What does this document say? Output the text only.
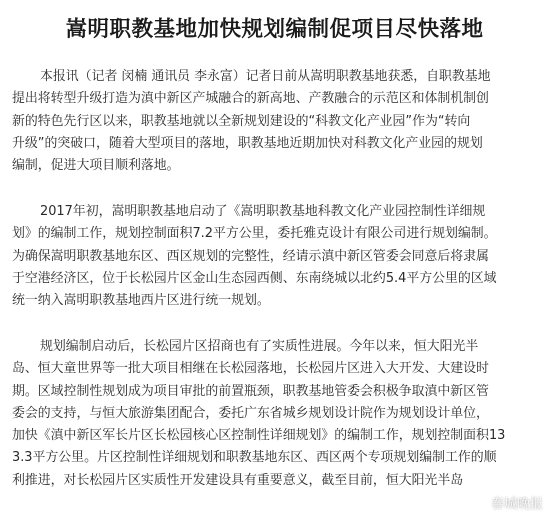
嵩明职教基地加快规划编制促项目尽快落地
本报讯（记者 闵楠 通讯员 李永富）记者日前从嵩明职教基地获悉，自职教基地
提出将转型升级打造为滇中新区产城融合的新高地、产教融合的示范区和体制机制创
新的特色先行区以来，职教基地就以全新规划建设的“科教文化产业园”作为“转向
升级”的突破口，随着大型项目的落地，职教基地近期加快对科教文化产业园的规划
编制，促进大项目顺利落地。
2017年初，嵩明职教基地启动了《嵩明职教基地科教文化产业园控制性详细规
划》的编制工作，规划控制面积7.2平方公里，委托雅克设计有限公司进行规划编制。
为确保嵩明职教基地东区、西区规划的完整性，经请示滇中新区管委会同意后将隶属
于空港经济区，位于长松园片区金山生态园西侧、东南绕城以北约5.4平方公里的区域
统一纳入嵩明职教基地西片区进行统一规划。
规划编制启动后，长松园片区招商也有了实质性进展。今年以来，恒大阳光半
岛、恒大童世界等一批大项目相继在长松园落地，长松园片区进入大开发、大建设时
期。区域控制性规划成为项目审批的前置瓶颈，职教基地管委会积极争取滇中新区管
委会的支持，与恒大旅游集团配合，委托广东省城乡规划设计院作为规划设计单位，
加快《滇中新区军长片区长松园核心区控制性详细规划》的编制工作，规划控制面积13
3.3平方公里。片区控制性详细规划和职教基地东区、西区两个专项规划编制工作的顺
利推进，对长松园片区实质性开发建设具有重要意义，截至目前，恒大阳光半岛
春城晚报
